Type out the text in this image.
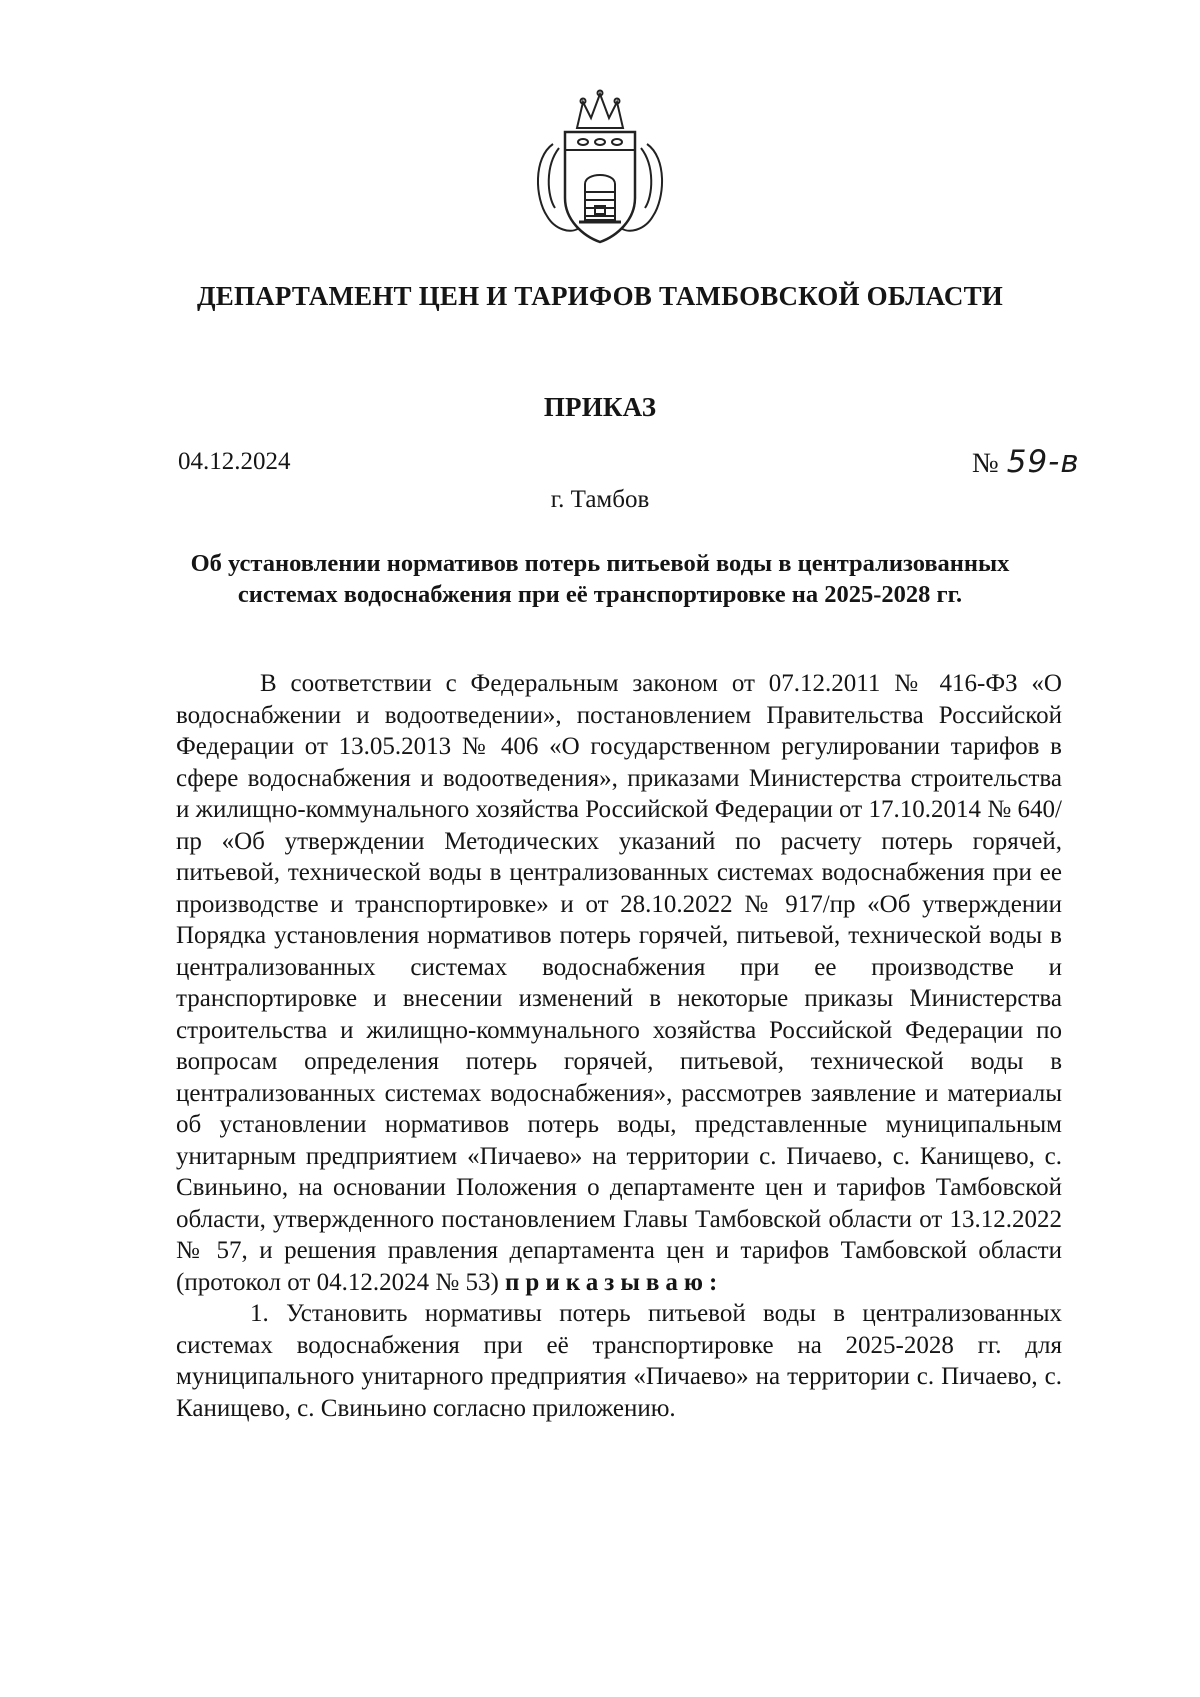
ДЕПАРТАМЕНТ ЦЕН И ТАРИФОВ ТАМБОВСКОЙ ОБЛАСТИ
ПРИКАЗ
04.12.2024	№ 59-в
г. Тамбов
Об установлении нормативов потерь питьевой воды в централизованных системах водоснабжения при её транспортировке на 2025-2028 гг.

В соответствии с Федеральным законом от 07.12.2011 № 416-ФЗ «О водоснабжении и водоотведении», постановлением Правительства Российской Федерации от 13.05.2013 № 406 «О государственном регулировании тарифов в сфере водоснабжения и водоотведения», приказами Министерства строительства и жилищно-коммунального хозяйства Российской Федерации от 17.10.2014 № 640/пр «Об утверждении Методических указаний по расчету потерь горячей, питьевой, технической воды в централизованных системах водоснабжения при ее производстве и транспортировке» и от 28.10.2022 № 917/пр «Об утверждении Порядка установления нормативов потерь горячей, питьевой, технической воды в централизованных системах водоснабжения при ее производстве и транспортировке и внесении изменений в некоторые приказы Министерства строительства и жилищно-коммунального хозяйства Российской Федерации по вопросам определения потерь горячей, питьевой, технической воды в централизованных системах водоснабжения», рассмотрев заявление и материалы об установлении нормативов потерь воды, представленные муниципальным унитарным предприятием «Пичаево» на территории с. Пичаево, с. Канищево, с. Свиньино, на основании Положения о департаменте цен и тарифов Тамбовской области, утвержденного постановлением Главы Тамбовской области от 13.12.2022 № 57, и решения правления департамента цен и тарифов Тамбовской области (протокол от 04.12.2024 № 53) приказываю:

1. Установить нормативы потерь питьевой воды в централизованных системах водоснабжения при её транспортировке на 2025-2028 гг. для муниципального унитарного предприятия «Пичаево» на территории с. Пичаево, с. Канищево, с. Свиньино согласно приложению.
